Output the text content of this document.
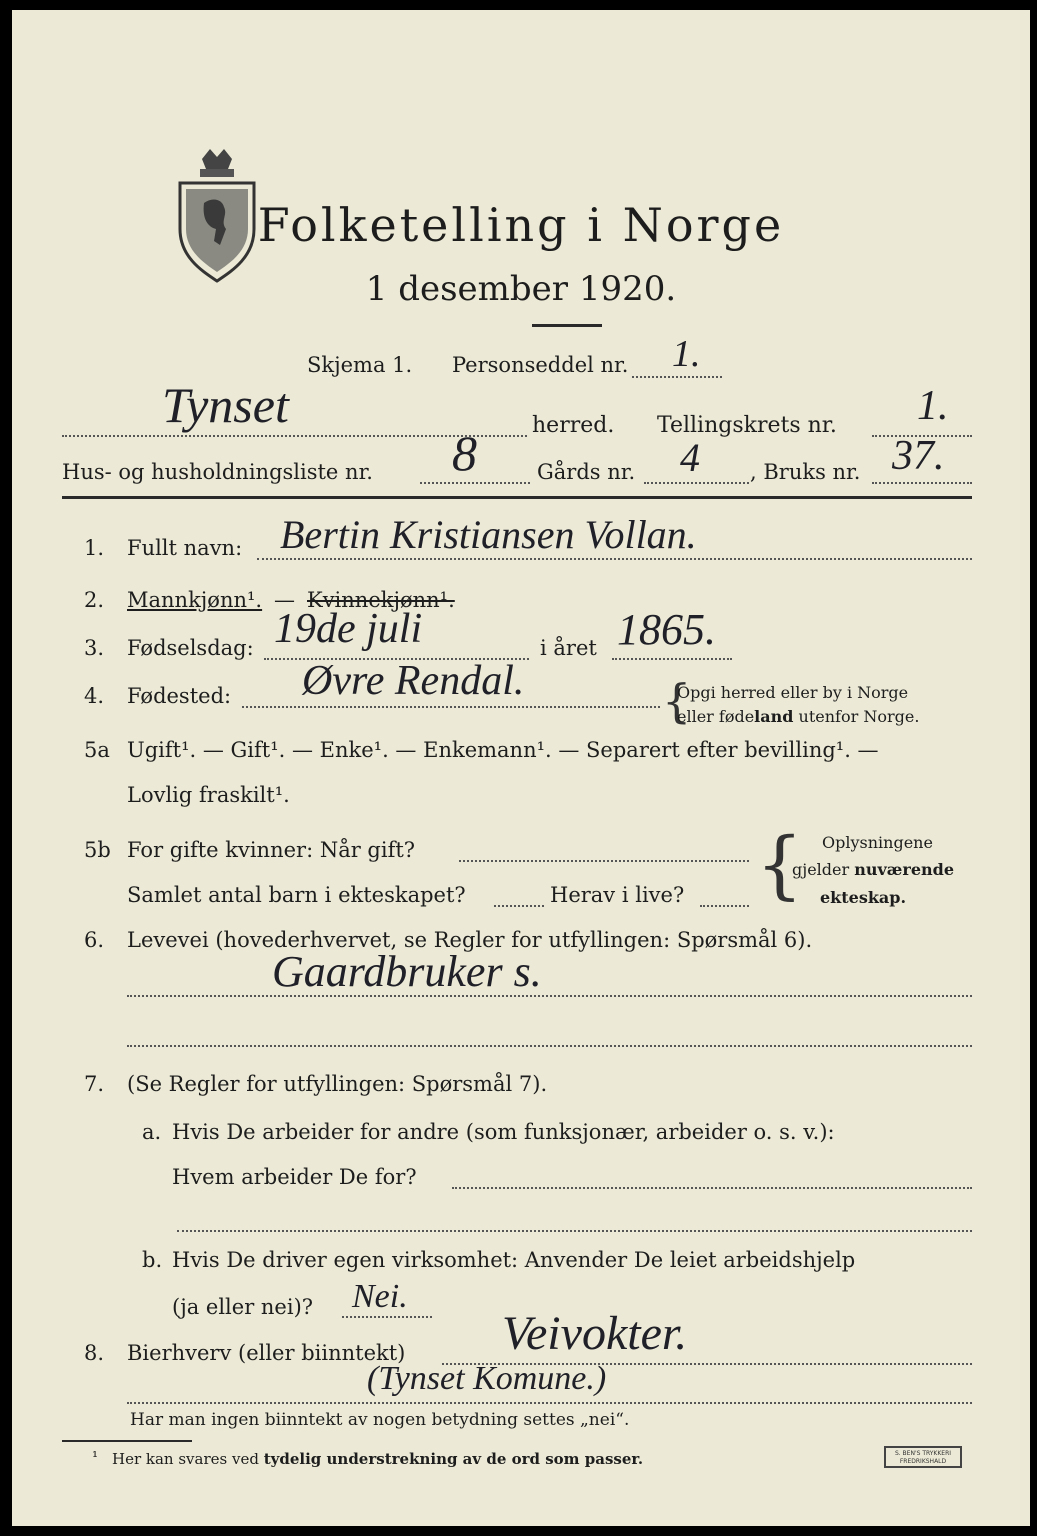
Folketelling i Norge
1 desember 1920.
Skjema 1. Personseddel nr. 1.
Tynset	herred. Tellingskrets nr. 1.
Hus- og husholdningsliste nr. 8	Gårds nr. 4 , Bruks nr. 37.
1. Fullt navn: Bertin Kristiansen Vollan.
2. Mannkjønn¹. — Kvinnekjønn¹.
3. Fødselsdag: 19de juli	i året 1865.
4. Fødested: Øvre Rendal.	{
Opgi herred eller by i Norge
eller fødeland utenfor Norge.
5a Ugift¹. — Gift¹. — Enke¹. — Enkemann¹. — Separert efter bevilling¹. —
Lovlig fraskilt¹.
5b For gifte kvinner: Når gift?
Samlet antal barn i ekteskapet?	Herav i live? { Oplysningene
gjelder nuværende
ekteskap.
6. Levevei (hovederhvervet, se Regler for utfyllingen: Spørsmål 6).
Gaardbruker s.
7. (Se Regler for utfyllingen: Spørsmål 7).
a. Hvis De arbeider for andre (som funksjonær, arbeider o. s. v.):
Hvem arbeider De for?
b. Hvis De driver egen virksomhet: Anvender De leiet arbeidshjelp
(ja eller nei)? Nei.
8. Bierhverv (eller biinntekt) Veivokter.
(Tynset Komune.)
Har man ingen biinntekt av nogen betydning settes „nei“.
¹ Her kan svares ved tydelig understrekning av de ord som passer.	S. BEN'S TRYKKERI
FREDRIKSHALD
